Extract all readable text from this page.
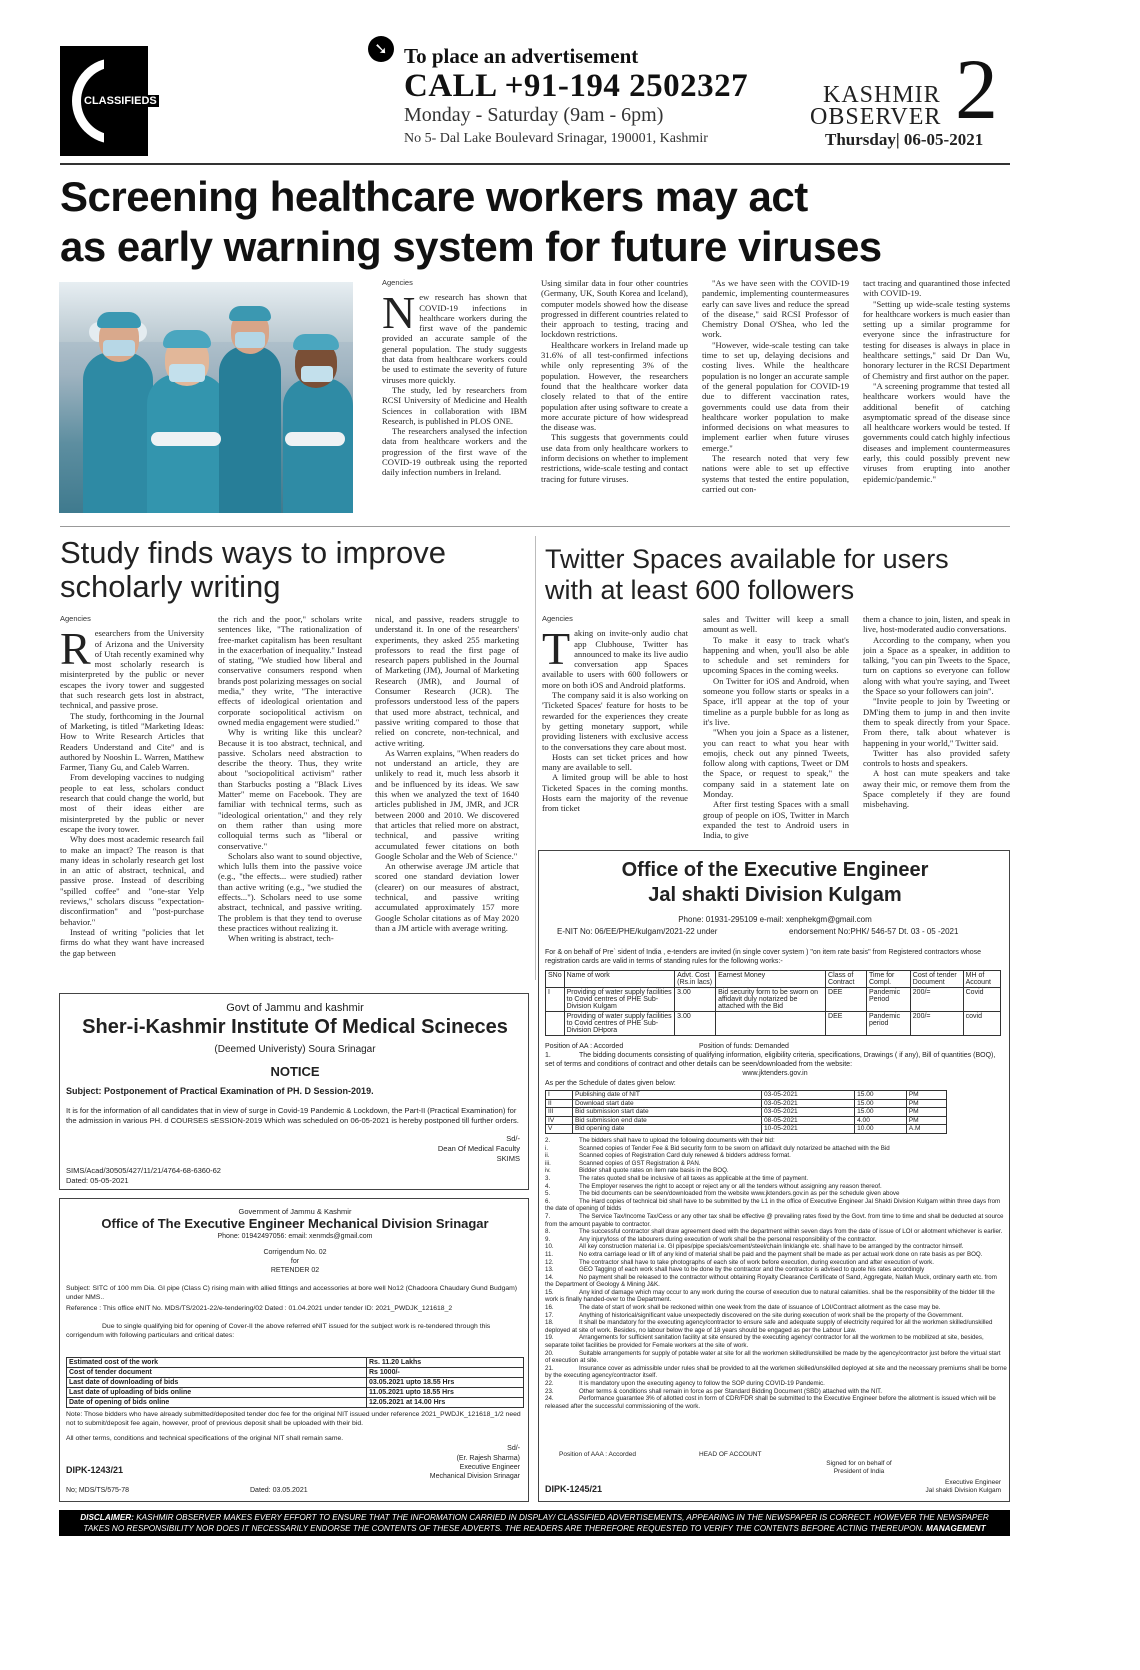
CLASSIFIEDS
➘ To place an advertisement
CALL +91-194 2502327
Monday - Saturday (9am - 6pm)
No 5- Dal Lake Boulevard Srinagar, 190001, Kashmir
KASHMIR
OBSERVER 2
Thursday| 06-05-2021
Screening healthcare workers may act
as early warning system for future viruses
Agencies
N ew research has shown that COVID-19 infections in healthcare workers during the first wave of the pandemic provided an accurate sample of the general population. The study suggests that data from healthcare workers could be used to estimate the severity of future viruses more quickly.

The study, led by researchers from RCSI University of Medicine and Health Sciences in collaboration with IBM Research, is published in PLOS ONE.

The researchers analysed the infection data from healthcare workers and the progression of the first wave of the COVID-19 outbreak using the reported daily infection numbers in Ireland.

Using similar data in four other countries (Germany, UK, South Korea and Iceland), computer models showed how the disease progressed in different countries related to their approach to testing, tracing and lockdown restrictions.

Healthcare workers in Ireland made up 31.6% of all test-confirmed infections while only representing 3% of the population. However, the researchers found that the healthcare worker data closely related to that of the entire population after using software to create a more accurate picture of how widespread the disease was.

This suggests that governments could use data from only healthcare workers to inform decisions on whether to implement restrictions, wide-scale testing and contact tracing for future viruses.

"As we have seen with the COVID-19 pandemic, implementing countermeasures early can save lives and reduce the spread of the disease," said RCSI Professor of Chemistry Donal O'Shea, who led the work.

"However, wide-scale testing can take time to set up, delaying decisions and costing lives. While the healthcare population is no longer an accurate sample of the general population for COVID-19 due to different vaccination rates, governments could use data from their healthcare worker population to make informed decisions on what measures to implement earlier when future viruses emerge."

The research noted that very few nations were able to set up effective systems that tested the entire population, carried out con-

tact tracing and quarantined those infected with COVID-19.

"Setting up wide-scale testing systems for healthcare workers is much easier than setting up a similar programme for everyone since the infrastructure for testing for diseases is always in place in healthcare settings," said Dr Dan Wu, honorary lecturer in the RCSI Department of Chemistry and first author on the paper.

"A screening programme that tested all healthcare workers would have the additional benefit of catching asymptomatic spread of the disease since all healthcare workers would be tested. If governments could catch highly infectious diseases and implement countermeasures early, this could possibly prevent new viruses from erupting into another epidemic/pandemic."

Study finds ways to improve
scholarly writing
Agencies
R esearchers from the University of Arizona and the University of Utah recently examined why most scholarly research is misinterpreted by the public or never escapes the ivory tower and suggested that such research gets lost in abstract, technical, and passive prose.

The study, forthcoming in the Journal of Marketing, is titled "Marketing Ideas: How to Write Research Articles that Readers Understand and Cite" and is authored by Nooshin L. Warren, Matthew Farmer, Tiany Gu, and Caleb Warren.

From developing vaccines to nudging people to eat less, scholars conduct research that could change the world, but most of their ideas either are misinterpreted by the public or never escape the ivory tower.

Why does most academic research fail to make an impact? The reason is that many ideas in scholarly research get lost in an attic of abstract, technical, and passive prose. Instead of describing "spilled coffee" and "one-star Yelp reviews," scholars discuss "expectation-disconfirmation" and "post-purchase behavior."

Instead of writing "policies that let firms do what they want have increased the gap between

the rich and the poor," scholars write sentences like, "The rationalization of free-market capitalism has been resultant in the exacerbation of inequality." Instead of stating, "We studied how liberal and conservative consumers respond when brands post polarizing messages on social media," they write, "The interactive effects of ideological orientation and corporate sociopolitical activism on owned media engagement were studied."

Why is writing like this unclear? Because it is too abstract, technical, and passive. Scholars need abstraction to describe the theory. Thus, they write about "sociopolitical activism" rather than Starbucks posting a "Black Lives Matter" meme on Facebook. They are familiar with technical terms, such as "ideological orientation," and they rely on them rather than using more colloquial terms such as "liberal or conservative."

Scholars also want to sound objective, which lulls them into the passive voice (e.g., "the effects... were studied) rather than active writing (e.g., "we studied the effects..."). Scholars need to use some abstract, technical, and passive writing. The problem is that they tend to overuse these practices without realizing it.

When writing is abstract, tech-

nical, and passive, readers struggle to understand it. In one of the researchers' experiments, they asked 255 marketing professors to read the first page of research papers published in the Journal of Marketing (JM), Journal of Marketing Research (JMR), and Journal of Consumer Research (JCR). The professors understood less of the papers that used more abstract, technical, and passive writing compared to those that relied on concrete, non-technical, and active writing.

As Warren explains, "When readers do not understand an article, they are unlikely to read it, much less absorb it and be influenced by its ideas. We saw this when we analyzed the text of 1640 articles published in JM, JMR, and JCR between 2000 and 2010. We discovered that articles that relied more on abstract, technical, and passive writing accumulated fewer citations on both Google Scholar and the Web of Science."

An otherwise average JM article that scored one standard deviation lower (clearer) on our measures of abstract, technical, and passive writing accumulated approximately 157 more Google Scholar citations as of May 2020 than a JM article with average writing.

Twitter Spaces available for users
with at least 600 followers
Agencies
T aking on invite-only audio chat app Clubhouse, Twitter has announced to make its live audio conversation app Spaces available to users with 600 followers or more on both iOS and Android platforms.

The company said it is also working on 'Ticketed Spaces' feature for hosts to be rewarded for the experiences they create by getting monetary support, while providing listeners with exclusive access to the conversations they care about most.

Hosts can set ticket prices and how many are available to sell.

A limited group will be able to host Ticketed Spaces in the coming months. Hosts earn the majority of the revenue from ticket

sales and Twitter will keep a small amount as well.

To make it easy to track what's happening and when, you'll also be able to schedule and set reminders for upcoming Spaces in the coming weeks.

On Twitter for iOS and Android, when someone you follow starts or speaks in a Space, it'll appear at the top of your timeline as a purple bubble for as long as it's live.

"When you join a Space as a listener, you can react to what you hear with emojis, check out any pinned Tweets, follow along with captions, Tweet or DM the Space, or request to speak," the company said in a statement late on Monday.

After first testing Spaces with a small group of people on iOS, Twitter in March expanded the test to Android users in India, to give

them a chance to join, listen, and speak in live, host-moderated audio conversations.

According to the company, when you join a Space as a speaker, in addition to talking, "you can pin Tweets to the Space, turn on captions so everyone can follow along with what you're saying, and Tweet the Space so your followers can join".

"Invite people to join by Tweeting or DM'ing them to jump in and then invite them to speak directly from your Space. From there, talk about whatever is happening in your world," Twitter said.

Twitter has also provided safety controls to hosts and speakers.

A host can mute speakers and take away their mic, or remove them from the Space completely if they are found misbehaving.

Govt of Jammu and kashmir
Sher-i-Kashmir Institute Of Medical Scineces
(Deemed Univeristy) Soura Srinagar
NOTICE
Subject: Postponement of Practical Examination of PH. D Session-2019.
It is for the information of all candidates that in view of surge in Covid-19 Pandemic & Lockdown, the Part-II (Practical Examination) for the admission in various PH. d COURSES sESSION-2019 Which was scheduled on 06-05-2021 is hereby postponed till further orders.
Sd/-
Dean Of Medical Faculty
SKIMS
SIMS/Acad/30505/427/11/21/4764-68-6360-62
Dated: 05-05-2021
Government of Jammu & Kashmir
Office of The Executive Engineer Mechanical Division Srinagar
Phone: 01942497056: email: xenmds@gmail.com
Corrigendum No. 02
for
RETENDER 02
Subject: SITC of 100 mm Dia. GI pipe (Class C) rising main with allied fittings and accessories at bore well No12 (Chadoora Chaudary Gund Budgam) under NMS..
Reference : This office eNIT No. MDS/TS/2021-22/e-tendering/02 Dated : 01.04.2021 under tender ID: 2021_PWDJK_121618_2
Due to single qualifying bid for opening of Cover-II the above referred eNIT issued for the subject work is re-tendered through this corrigendum with following particulars and critical dates:
Estimated cost of the work	Rs. 11.20 Lakhs
Cost of tender document	Rs 1000/-
Last date of downloading of bids	03.05.2021 upto 18.55 Hrs
Last date of uploading of bids online	11.05.2021 upto 18.55 Hrs
Date of opening of bids online	12.05.2021 at 14.00 Hrs
Note: Those bidders who have already submitted/deposited tender doc fee for the original NIT issued under reference 2021_PWDJK_121618_1/2 need not to submit/deposit fee again, however, proof of previous deposit shall be uploaded with their bid.
All other terms, conditions and technical specifications of the original NIT shall remain same.
Sd/-
(Er. Rajesh Sharma)
Executive Engineer
Mechanical Division Srinagar
DIPK-1243/21
No; MDS/TS/575-78	Dated: 03.05.2021
Office of the Executive Engineer
Jal shakti Division Kulgam
Phone: 01931-295109 e-mail: xenphekgm@gmail.com
E-NIT No: 06/EE/PHE/kulgam/2021-22 under	endorsement No:PHK/ 546-57 Dt. 03 - 05 -2021
For & on behalf of Pre` sident of India , e-tenders are invited (in single cover system ) "on item rate basis" from Registered contractors whose registration cards are valid in terms of standing rules for the following works:-
SNo	Name of work	Advt. Cost (Rs.in lacs)	Earnest Money	Class of Contract	Time for Compl.	Cost of tender Document	MH of Account
I	Providing of water supply facilities to Covid centres of PHE Sub-Division Kulgam	3.00	Bid security form to be sworn on affidavit duly notarized be attached with the Bid	DEE	Pandemic Period	200/=	Covid
	Providing of water supply facilities to Covid centres of PHE Sub-Division DHpora	3.00		DEE	Pandemic period	200/=	covid
Position of AA : Accorded	Position of funds: Demanded
1.	The bidding documents consisting of qualifying information, eligibility criteria, specifications, Drawings ( if any), Bill of quantities (BOQ), set of terms and conditions of contract and other details can be seen/downloaded from the website:
www.jktenders.gov.in
As per the Schedule of dates given below:
I	Publishing date of NIT	03-05-2021	15.00	PM
II	Download start date	03-05-2021	15.00	PM
III	Bid submission start date	03-05-2021	15.00	PM
IV	Bid submission end date	08-05-2021	4.00	PM
V	Bid opening date	10-05-2021	10.00	A.M
2.	The bidders shall have to upload the following documents with their bid:
i.	Scanned copies of Tender Fee & Bid security form to be sworn on affidavit duly notarized be attached with the Bid
ii.	Scanned copies of Registration Card duly renewed & bidders address format.
iii.	Scanned copies of GST Registration & PAN.
iv.	Bidder shall quote rates on item rate basis in the BOQ.
3.	The rates quoted shall be inclusive of all taxes as applicable at the time of payment.
4.	The Employer reserves the right to accept or reject any or all the tenders without assigning any reason thereof.
5.	The bid documents can be seen/downloaded from the website www.jktenders.gov.in as per the schedule given above
6.	The Hard copies of technical bid shall have to be submitted by the L1 in the office of Executive Engineer Jal Shakti Division Kulgam within three days from the date of opening of bidds
7.	The Service Tax/Income Tax/Cess or any other tax shall be effective @ prevailing rates fixed by the Govt. from time to time and shall be deducted at source from the amount payable to contractor.
8.	The successful contractor shall draw agreement deed with the department within seven days from the date of issue of LOI or allotment whichever is earlier.
9.	Any injury/loss of the labourers during execution of work shall be the personal responsibility of the contractor.
10.	All key construction material i.e. GI pipes/pipe specials/cement/steel/chain link/angle etc. shall have to be arranged by the contractor himself.
11.	No extra carriage lead or lift of any kind of material shall be paid and the payment shall be made as per actual work done on rate basis as per BOQ.
12.	The contractor shall have to take photographs of each site of work before execution, during execution and after execution of work.
13.	GEO Tagging of each work shall have to be done by the contractor and the contractor is advised to quote his rates accordingly
14.	No payment shall be released to the contractor without obtaining Royalty Clearance Certificate of Sand, Aggregate, Nallah Muck, ordinary earth etc. from the Department of Geology & Mining J&K.
15.	Any kind of damage which may occur to any work during the course of execution due to natural calamities. shall be the responsibility of the bidder till the work is finally handed-over to the Department.
16.	The date of start of work shall be reckoned within one week from the date of issuance of LOI/Contract allotment as the case may be.
17.	Anything of historical/significant value unexpectedly discovered on the site during execution of work shall be the property of the Government.
18.	It shall be mandatory for the executing agency/contractor to ensure safe and adequate supply of electricity required for all the workmen skilled/unskilled deployed at site of work. Besides, no labour below the age of 18 years should be engaged as per the Labour Law.
19.	Arrangements for sufficient sanitation facility at site ensured by the executing agency/ contractor for all the workmen to be mobilized at site, besides, separate toilet facilities be provided for Female workers at the site of work.
20.	Suitable arrangements for supply of potable water at site for all the workmen skilled/unskilled be made by the agency/contractor just before the virtual start of execution at site.
21.	Insurance cover as admissible under rules shall be provided to all the workmen skilled/unskilled deployed at site and the necessary premiums shall be borne by the executing agency/contractor itself.
22.	It is mandatory upon the executing agency to follow the SOP during COVID-19 Pandemic.
23.	Other terms & conditions shall remain in force as per Standard Bidding Document (SBD) attached with the NIT.
24.	Performance guarantee 3% of allotted cost in form of CDR/FDR shall be submitted to the Executive Engineer before the allotment is issued which will be released after the successful commissioning of the work.
Position of AAA : Accorded	HEAD OF ACCOUNT
Signed for on behalf of
President of India
Executive Engineer
Jal shakti Division Kulgam
DIPK-1245/21
DISCLAIMER: KASHMIR OBSERVER MAKES EVERY EFFORT TO ENSURE THAT THE INFORMATION CARRIED IN DISPLAY/ CLASSIFIED ADVERTISEMENTS, APPEARING IN THE NEWSPAPER IS CORRECT. HOWEVER THE NEWSPAPER TAKES NO RESPONSIBILITY NOR DOES IT NECESSARILY ENDORSE THE CONTENTS OF THESE ADVERTS. THE READERS ARE THEREFORE REQUESTED TO VERIFY THE CONTENTS BEFORE ACTING THEREUPON. MANAGEMENT
